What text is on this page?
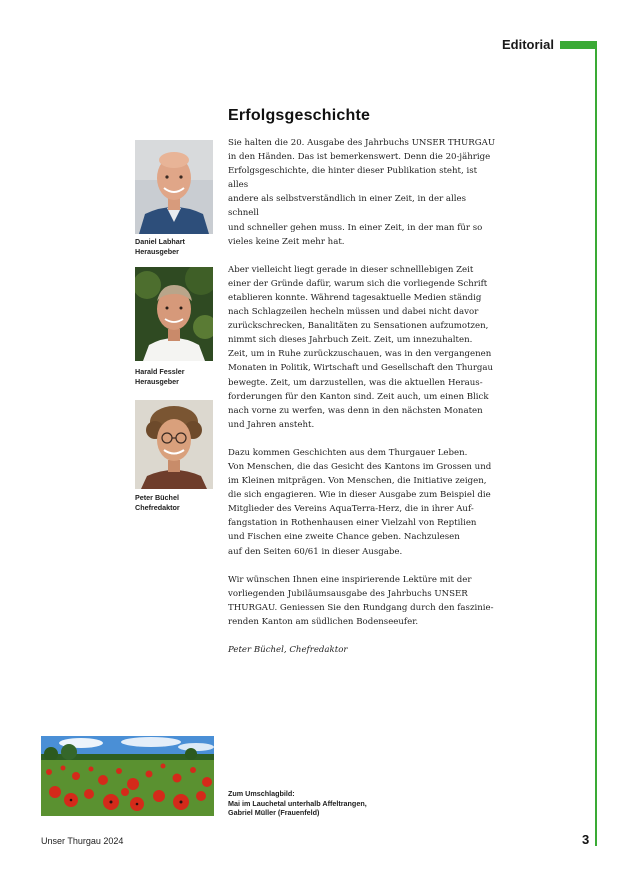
Editorial
Erfolgsgeschichte

Sie halten die 20. Ausgabe des Jahrbuchs UNSER THURGAU
in den Händen. Das ist bemerkenswert. Denn die 20-jährige
Erfolgsgeschichte, die hinter dieser Publikation steht, ist alles
andere als selbstverständlich in einer Zeit, in der alles schnell
und schneller gehen muss. In einer Zeit, in der man für so
vieles keine Zeit mehr hat.

Aber vielleicht liegt gerade in dieser schnelllebigen Zeit
einer der Gründe dafür, warum sich die vorliegende Schrift
etablieren konnte. Während tagesaktuelle Medien ständig
nach Schlagzeilen hecheln müssen und dabei nicht davor
zurückschrecken, Banalitäten zu Sensationen aufzumotzen,
nimmt sich dieses Jahrbuch Zeit. Zeit, um innezuhalten.
Zeit, um in Ruhe zurückzuschauen, was in den vergangenen
Monaten in Politik, Wirtschaft und Gesellschaft den Thurgau
bewegte. Zeit, um darzustellen, was die aktuellen Heraus-
forderungen für den Kanton sind. Zeit auch, um einen Blick
nach vorne zu werfen, was denn in den nächsten Monaten
und Jahren ansteht.

Dazu kommen Geschichten aus dem Thurgauer Leben.
Von Menschen, die das Gesicht des Kantons im Grossen und
im Kleinen mitprägen. Von Menschen, die Initiative zeigen,
die sich engagieren. Wie in dieser Ausgabe zum Beispiel die
Mitglieder des Vereins AquaTerra-Herz, die in ihrer Auf-
fangstation in Rothenhausen einer Vielzahl von Reptilien
und Fischen eine zweite Chance geben. Nachzulesen
auf den Seiten 60/61 in dieser Ausgabe.

Wir wünschen Ihnen eine inspirierende Lektüre mit der
vorliegenden Jubiläumsausgabe des Jahrbuchs UNSER
THURGAU. Geniessen Sie den Rundgang durch den faszinie-
renden Kanton am südlichen Bodenseeufer.

Peter Büchel, Chefredaktor

Daniel Labhart
Herausgeber
Harald Fessler
Herausgeber
Peter Büchel
Chefredaktor
Zum Umschlagbild:
Mai im Lauchetal unterhalb Affeltrangen,
Gabriel Müller (Frauenfeld)
Unser Thurgau 2024	3
